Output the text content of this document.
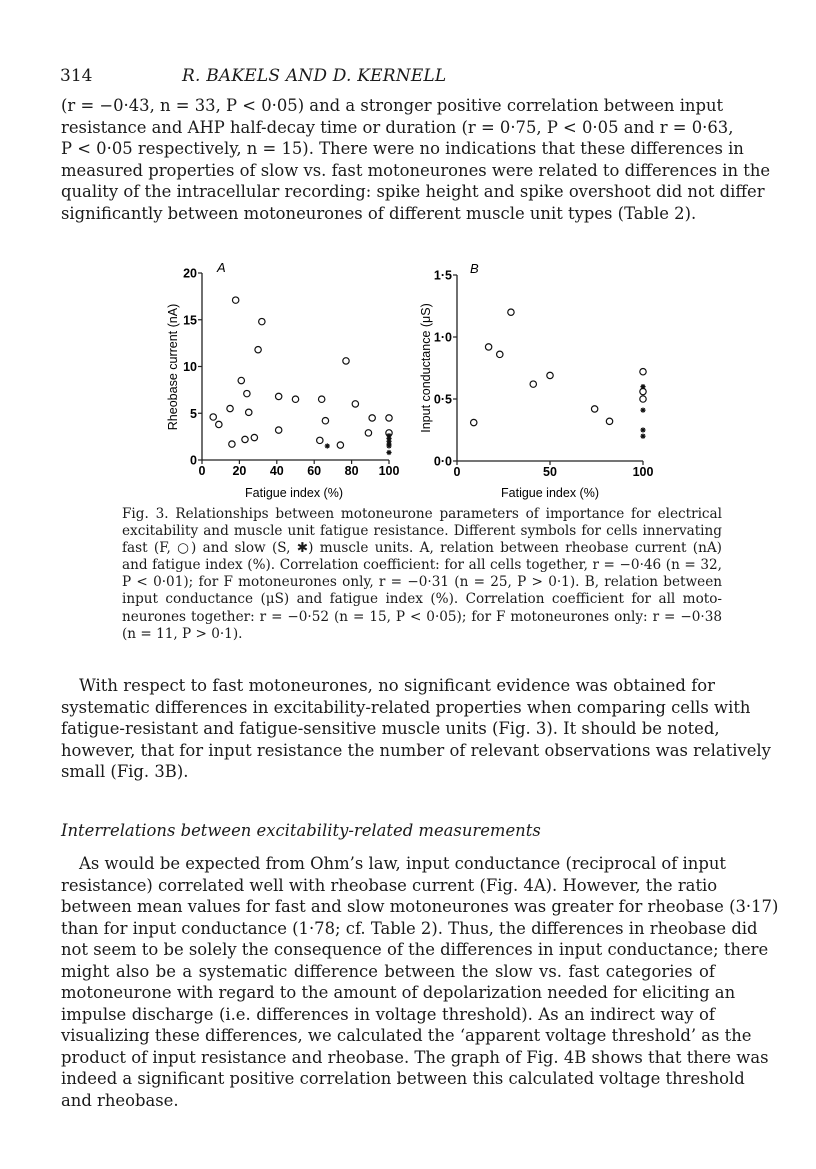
314	R. BAKELS AND D. KERNELL
(r = −0·43, n = 33, P < 0·05) and a stronger positive correlation between input
resistance and AHP half-decay time or duration (r = 0·75, P < 0·05 and r = 0·63,
P < 0·05 respectively, n = 15). There were no indications that these differences in
measured properties of slow vs. fast motoneurones were related to differences in the
quality of the intracellular recording: spike height and spike overshoot did not differ
significantly between motoneurones of different muscle unit types (Table 2).
A
0
5
10
15
20
0 20 40 60 80 100
Fatigue index (%)
Rheobase current (nA)
B
0·0
0·5
1·0
1·5
0	50	100
Fatigue index (%)
Input conductance (μS)
Fig. 3. Relationships between motoneurone parameters of importance for electrical
excitability and muscle unit fatigue resistance. Different symbols for cells innervating
fast (F, ○) and slow (S, ✱) muscle units. A, relation between rheobase current (nA)
and fatigue index (%). Correlation coefficient: for all cells together, r = −0·46 (n = 32,
P < 0·01); for F motoneurones only, r = −0·31 (n = 25, P > 0·1). B, relation between
input conductance (μS) and fatigue index (%). Correlation coefficient for all moto-
neurones together: r = −0·52 (n = 15, P < 0·05); for F motoneurones only: r = −0·38
(n = 11, P > 0·1).
With respect to fast motoneurones, no significant evidence was obtained for
systematic differences in excitability-related properties when comparing cells with
fatigue-resistant and fatigue-sensitive muscle units (Fig. 3). It should be noted,
however, that for input resistance the number of relevant observations was relatively
small (Fig. 3B).
Interrelations between excitability-related measurements
As would be expected from Ohm’s law, input conductance (reciprocal of input
resistance) correlated well with rheobase current (Fig. 4A). However, the ratio
between mean values for fast and slow motoneurones was greater for rheobase (3·17)
than for input conductance (1·78; cf. Table 2). Thus, the differences in rheobase did
not seem to be solely the consequence of the differences in input conductance; there
might also be a systematic difference between the slow vs. fast categories of
motoneurone with regard to the amount of depolarization needed for eliciting an
impulse discharge (i.e. differences in voltage threshold). As an indirect way of
visualizing these differences, we calculated the ‘apparent voltage threshold’ as the
product of input resistance and rheobase. The graph of Fig. 4B shows that there was
indeed a significant positive correlation between this calculated voltage threshold
and rheobase.
